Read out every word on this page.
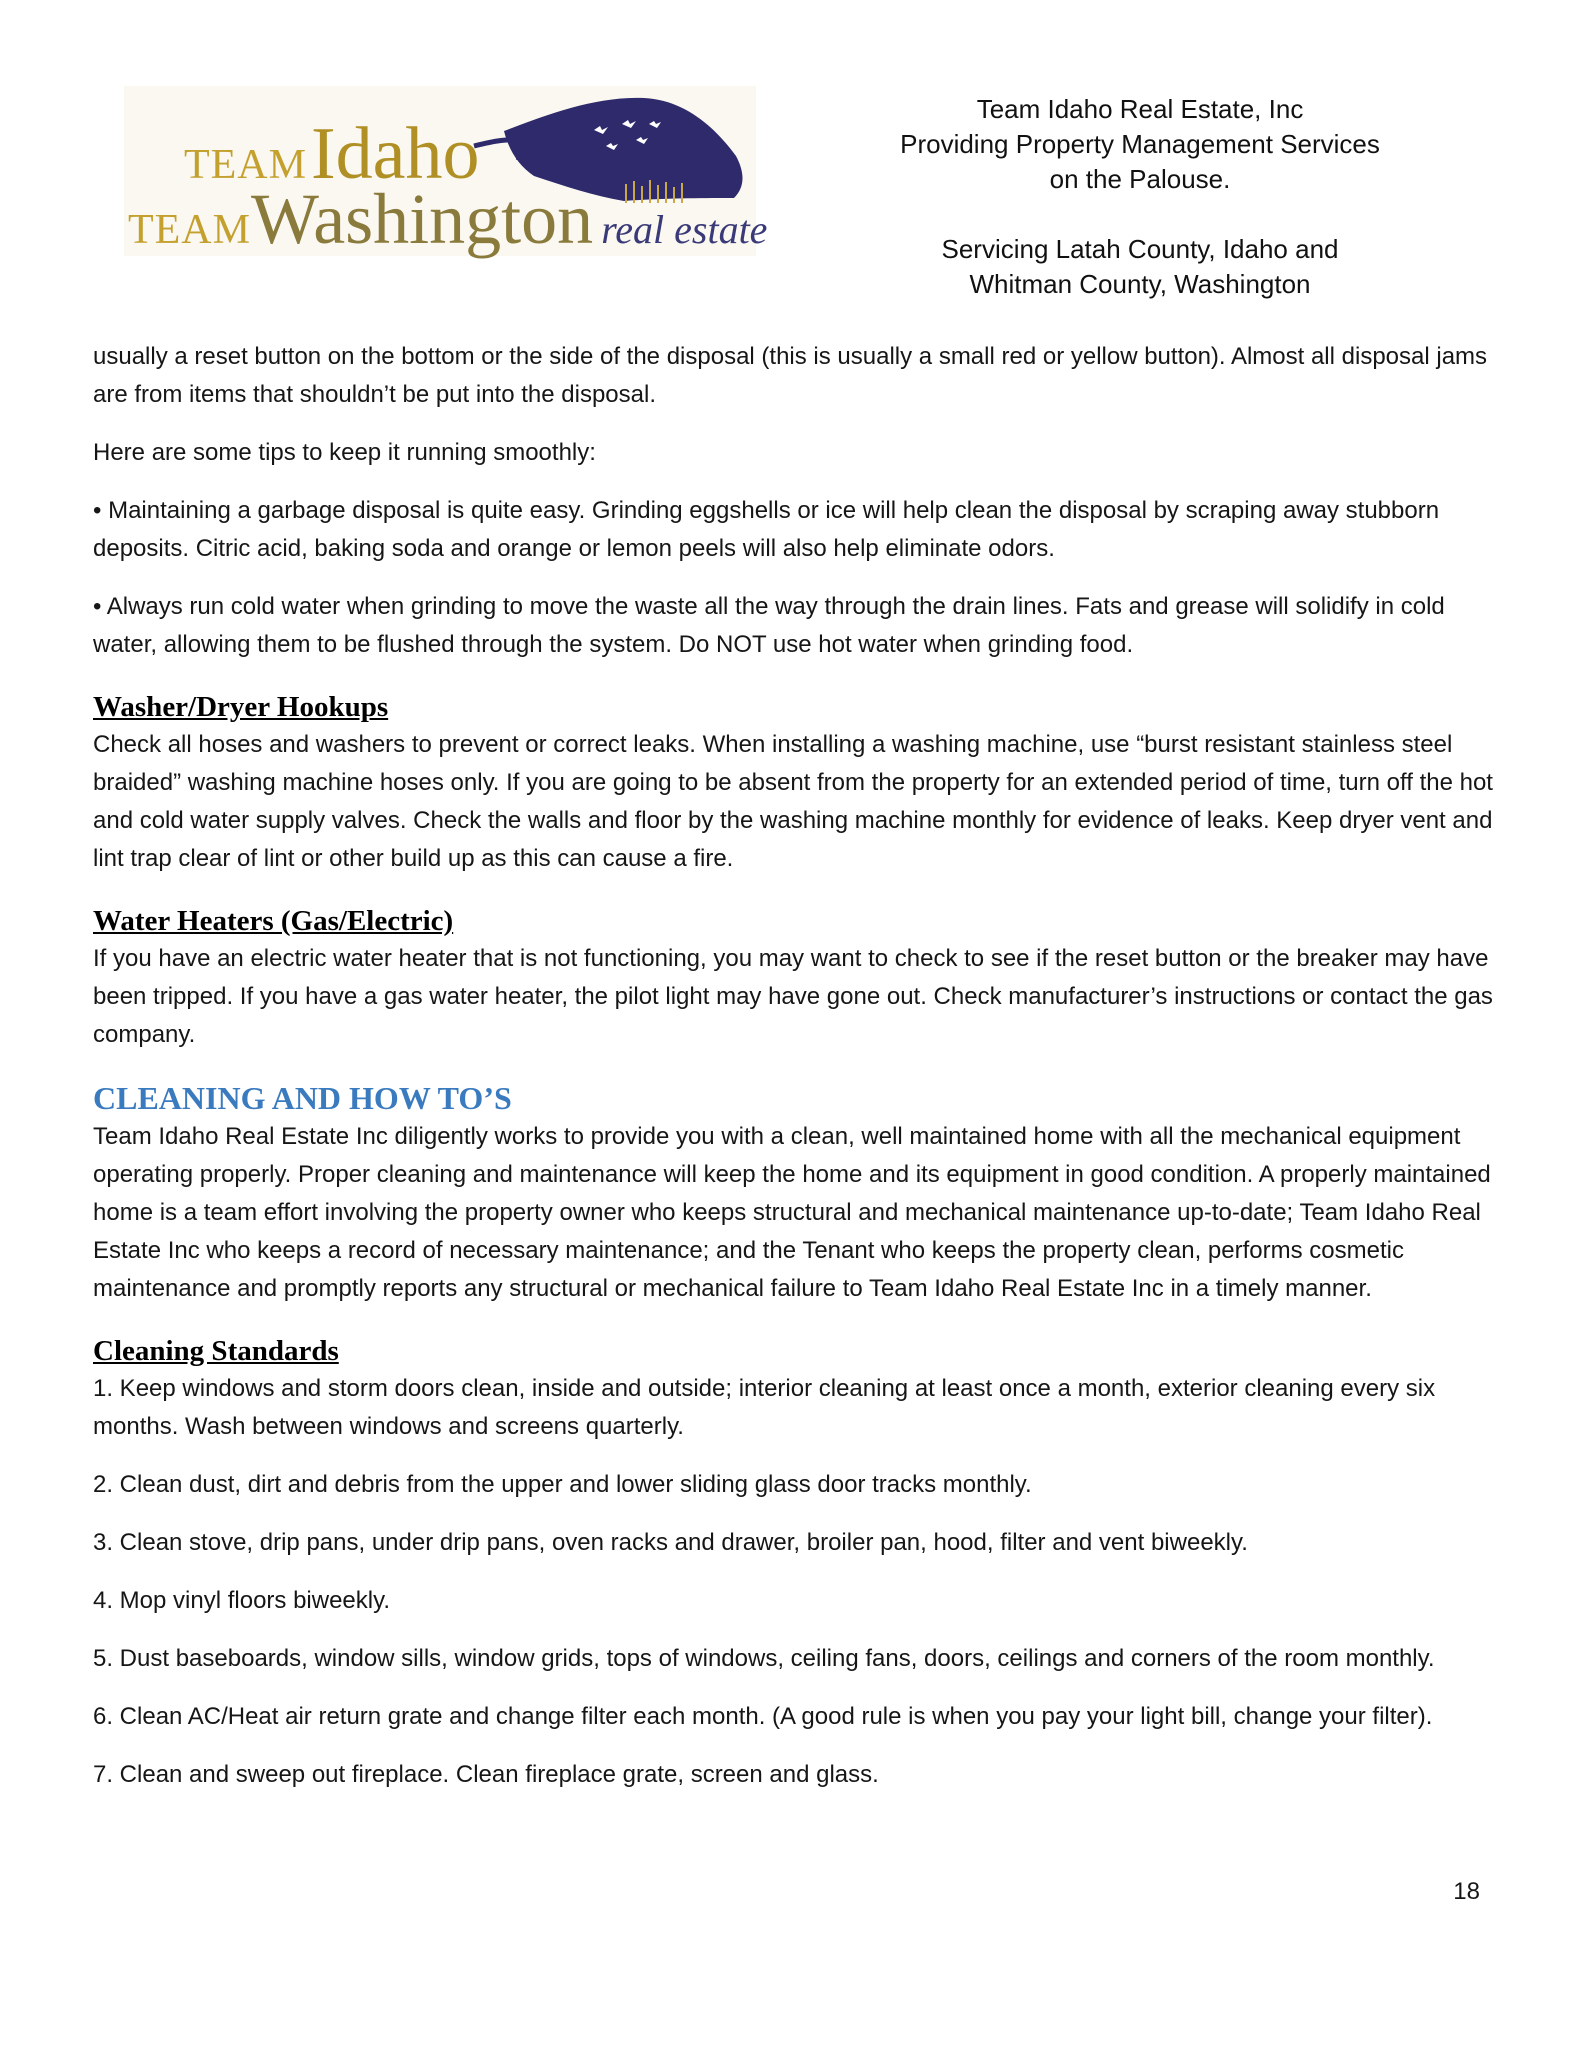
TEAM Idaho
TEAMWashington real estate
Team Idaho Real Estate, Inc
Providing Property Management Services
on the Palouse.
Servicing Latah County, Idaho and
Whitman County, Washington

usually a reset button on the bottom or the side of the disposal (this is usually a small red or yellow button). Almost all disposal jams are from items that shouldn’t be put into the disposal.

Here are some tips to keep it running smoothly:

• Maintaining a garbage disposal is quite easy. Grinding eggshells or ice will help clean the disposal by scraping away stubborn deposits. Citric acid, baking soda and orange or lemon peels will also help eliminate odors.

• Always run cold water when grinding to move the waste all the way through the drain lines. Fats and grease will solidify in cold water, allowing them to be flushed through the system. Do NOT use hot water when grinding food.

Washer/Dryer Hookups

Check all hoses and washers to prevent or correct leaks. When installing a washing machine, use “burst resistant stainless steel braided” washing machine hoses only. If you are going to be absent from the property for an extended period of time, turn off the hot and cold water supply valves. Check the walls and floor by the washing machine monthly for evidence of leaks. Keep dryer vent and lint trap clear of lint or other build up as this can cause a fire.

Water Heaters (Gas/Electric)

If you have an electric water heater that is not functioning, you may want to check to see if the reset button or the breaker may have been tripped. If you have a gas water heater, the pilot light may have gone out. Check manufacturer’s instructions or contact the gas company.

CLEANING AND HOW TO’S

Team Idaho Real Estate Inc diligently works to provide you with a clean, well maintained home with all the mechanical equipment operating properly. Proper cleaning and maintenance will keep the home and its equipment in good condition. A properly maintained home is a team effort involving the property owner who keeps structural and mechanical maintenance up-to-date; Team Idaho Real Estate Inc who keeps a record of necessary maintenance; and the Tenant who keeps the property clean, performs cosmetic maintenance and promptly reports any structural or mechanical failure to Team Idaho Real Estate Inc in a timely manner.

Cleaning Standards

1. Keep windows and storm doors clean, inside and outside; interior cleaning at least once a month, exterior cleaning every six months. Wash between windows and screens quarterly.

2. Clean dust, dirt and debris from the upper and lower sliding glass door tracks monthly.

3. Clean stove, drip pans, under drip pans, oven racks and drawer, broiler pan, hood, filter and vent biweekly.

4. Mop vinyl floors biweekly.

5. Dust baseboards, window sills, window grids, tops of windows, ceiling fans, doors, ceilings and corners of the room monthly.

6. Clean AC/Heat air return grate and change filter each month. (A good rule is when you pay your light bill, change your filter).

7. Clean and sweep out fireplace. Clean fireplace grate, screen and glass.

18
